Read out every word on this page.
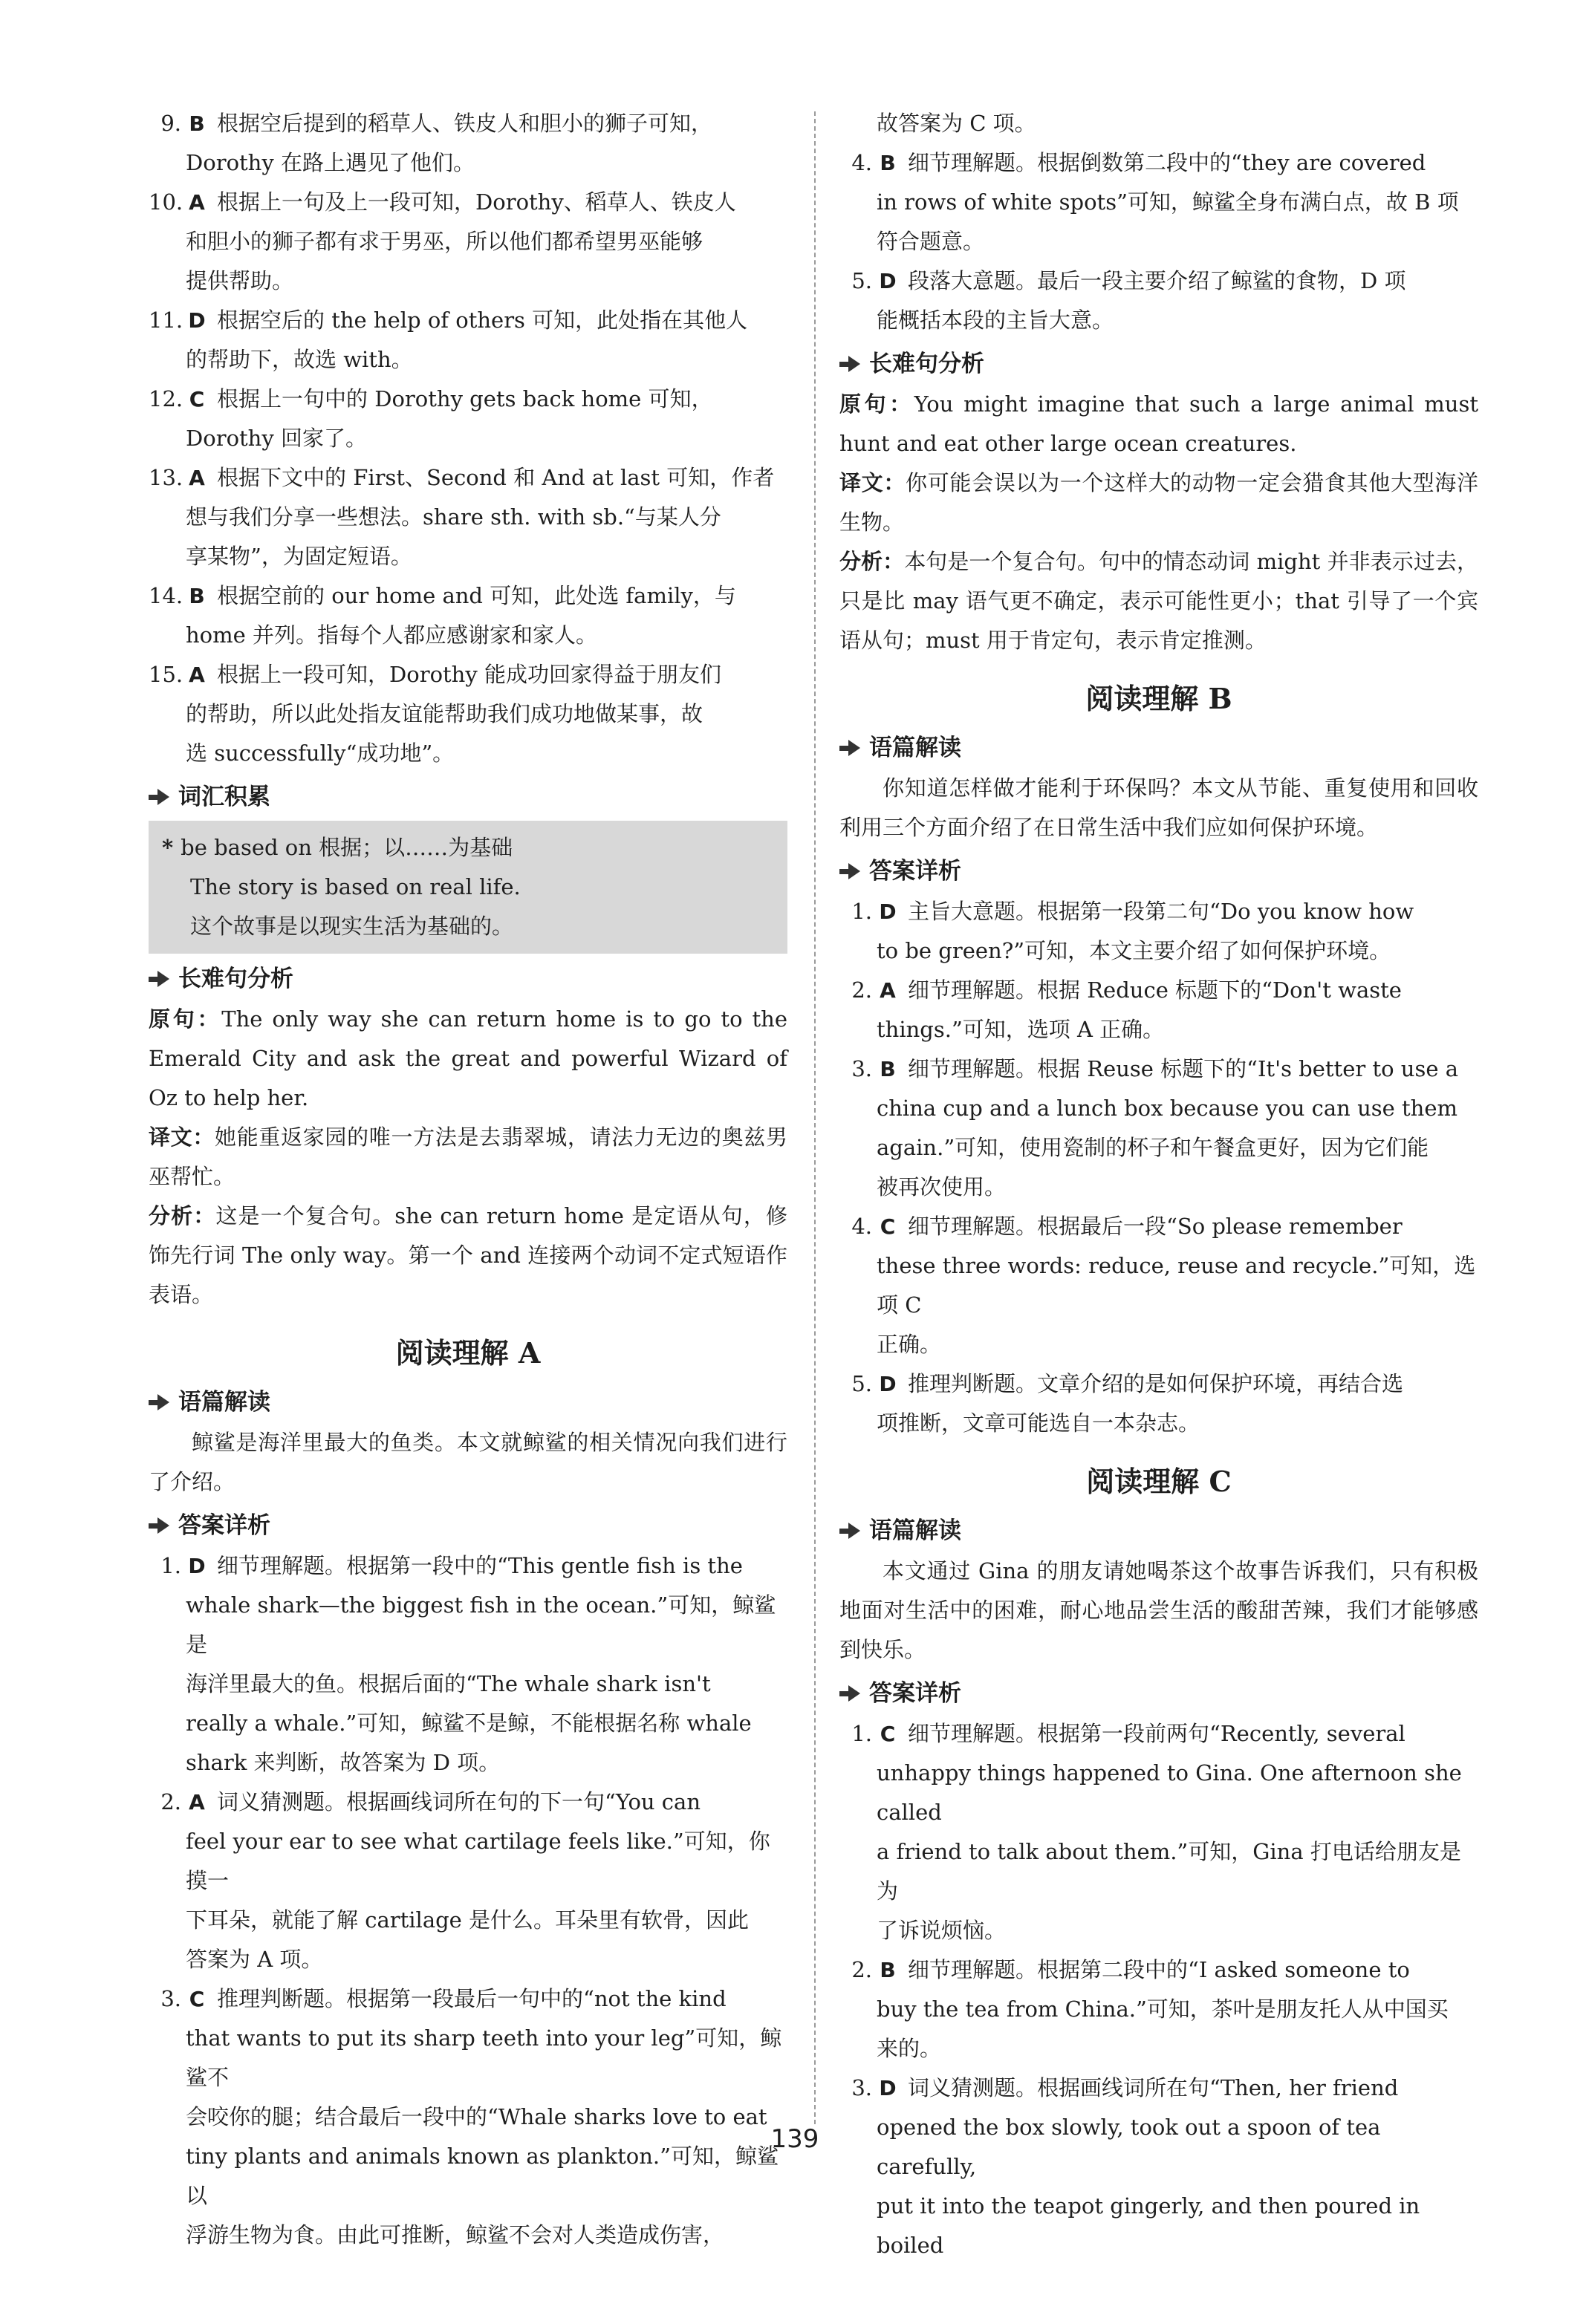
9. B 根据空后提到的稻草人、铁皮人和胆小的狮子可知，
Dorothy 在路上遇见了他们。
10. A 根据上一句及上一段可知，Dorothy、稻草人、铁皮人
和胆小的狮子都有求于男巫，所以他们都希望男巫能够
提供帮助。
11. D 根据空后的 the help of others 可知，此处指在其他人
的帮助下，故选 with。
12. C 根据上一句中的 Dorothy gets back home 可知，
Dorothy 回家了。
13. A 根据下文中的 First、Second 和 And at last 可知，作者
想与我们分享一些想法。share sth. with sb.“与某人分
享某物”，为固定短语。
14. B 根据空前的 our home and 可知，此处选 family，与
home 并列。指每个人都应感谢家和家人。
15. A 根据上一段可知，Dorothy 能成功回家得益于朋友们
的帮助，所以此处指友谊能帮助我们成功地做某事，故
选 successfully“成功地”。
词汇积累
* be based on 根据；以……为基础
The story is based on real life.
这个故事是以现实生活为基础的。
长难句分析
原句：The only way she can return home is to go to the Emerald City and ask the great and powerful Wizard of Oz to help her.
译文：她能重返家园的唯一方法是去翡翠城，请法力无边的奥兹男巫帮忙。
分析：这是一个复合句。she can return home 是定语从句，修饰先行词 The only way。第一个 and 连接两个动词不定式短语作表语。
阅读理解 A
语篇解读
鲸鲨是海洋里最大的鱼类。本文就鲸鲨的相关情况向我们进行了介绍。
答案详析
1. D 细节理解题。根据第一段中的“This gentle fish is the
whale shark—the biggest fish in the ocean.”可知，鲸鲨是
海洋里最大的鱼。根据后面的“The whale shark isn't
really a whale.”可知，鲸鲨不是鲸，不能根据名称 whale
shark 来判断，故答案为 D 项。
2. A 词义猜测题。根据画线词所在句的下一句“You can
feel your ear to see what cartilage feels like.”可知，你摸一
下耳朵，就能了解 cartilage 是什么。耳朵里有软骨，因此
答案为 A 项。
3. C 推理判断题。根据第一段最后一句中的“not the kind
that wants to put its sharp teeth into your leg”可知，鲸鲨不
会咬你的腿；结合最后一段中的“Whale sharks love to eat
tiny plants and animals known as plankton.”可知，鲸鲨以
浮游生物为食。由此可推断，鲸鲨不会对人类造成伤害，
故答案为 C 项。
4. B 细节理解题。根据倒数第二段中的“they are covered
in rows of white spots”可知，鲸鲨全身布满白点，故 B 项
符合题意。
5. D 段落大意题。最后一段主要介绍了鲸鲨的食物，D 项
能概括本段的主旨大意。
长难句分析
原句：You might imagine that such a large animal must hunt and eat other large ocean creatures.
译文：你可能会误以为一个这样大的动物一定会猎食其他大型海洋生物。
分析：本句是一个复合句。句中的情态动词 might 并非表示过去，只是比 may 语气更不确定，表示可能性更小；that 引导了一个宾语从句；must 用于肯定句，表示肯定推测。
阅读理解 B
语篇解读
你知道怎样做才能利于环保吗？本文从节能、重复使用和回收利用三个方面介绍了在日常生活中我们应如何保护环境。
答案详析
1. D 主旨大意题。根据第一段第二句“Do you know how
to be green?”可知，本文主要介绍了如何保护环境。
2. A 细节理解题。根据 Reduce 标题下的“Don't waste
things.”可知，选项 A 正确。
3. B 细节理解题。根据 Reuse 标题下的“It's better to use a
china cup and a lunch box because you can use them
again.”可知，使用瓷制的杯子和午餐盒更好，因为它们能
被再次使用。
4. C 细节理解题。根据最后一段“So please remember
these three words: reduce, reuse and recycle.”可知，选项 C
正确。
5. D 推理判断题。文章介绍的是如何保护环境，再结合选
项推断，文章可能选自一本杂志。
阅读理解 C
语篇解读
本文通过 Gina 的朋友请她喝茶这个故事告诉我们，只有积极地面对生活中的困难，耐心地品尝生活的酸甜苦辣，我们才能够感到快乐。
答案详析
1. C 细节理解题。根据第一段前两句“Recently, several
unhappy things happened to Gina. One afternoon she called
a friend to talk about them.”可知，Gina 打电话给朋友是为
了诉说烦恼。
2. B 细节理解题。根据第二段中的“I asked someone to
buy the tea from China.”可知，茶叶是朋友托人从中国买
来的。
3. D 词义猜测题。根据画线词所在句“Then, her friend
opened the box slowly, took out a spoon of tea carefully,
put it into the teapot gingerly, and then poured in boiled
139
